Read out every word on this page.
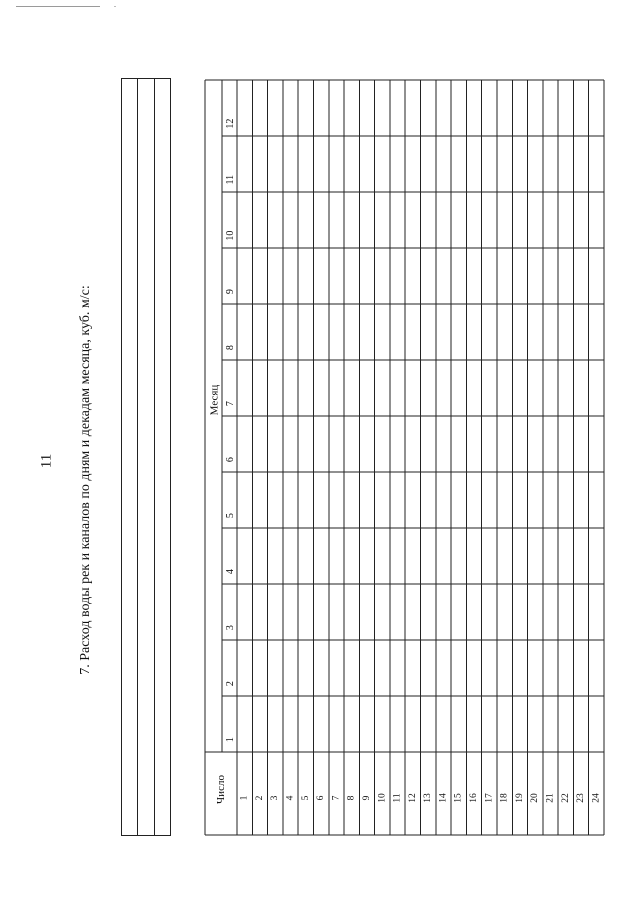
11 7. Расход воды рек и каналов по дням и декадам месяца, куб. м/с:
1
2
3
4
5
6
7
8
9
10
11
12
Месяц
1 2 3 4 5 6 7 8 9 10 11 12 13 14 15 16 17 18 19 20 21 22 23 24
Число
